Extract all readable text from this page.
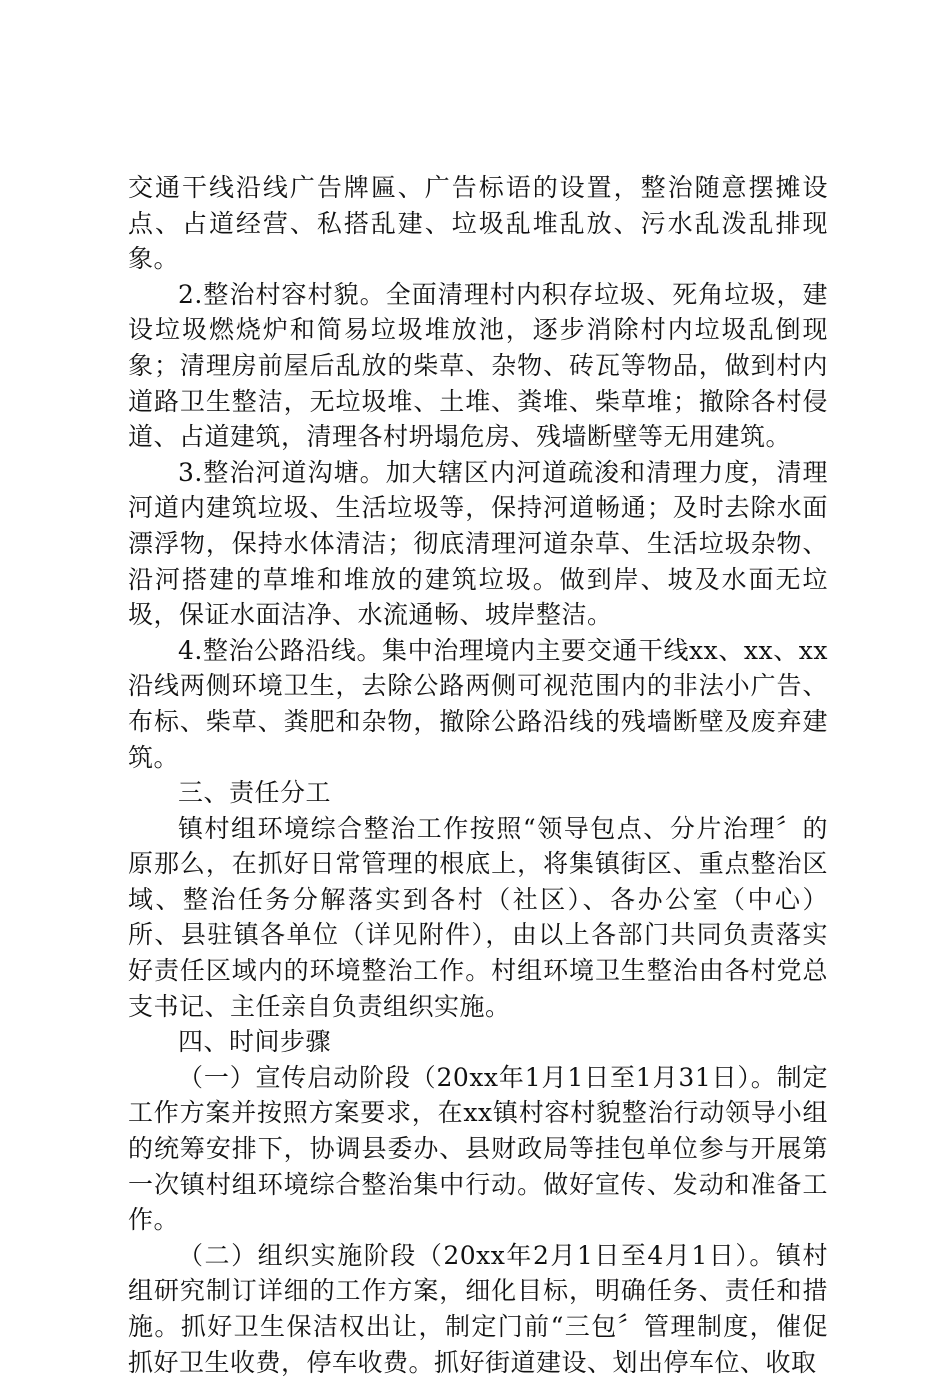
交通干线沿线广告牌匾、广告标语的设置，整治随意摆摊设点、占道经营、私搭乱建、垃圾乱堆乱放、污水乱泼乱排现象。

2.整治村容村貌。全面清理村内积存垃圾、死角垃圾，建设垃圾燃烧炉和简易垃圾堆放池，逐步消除村内垃圾乱倒现象；清理房前屋后乱放的柴草、杂物、砖瓦等物品，做到村内道路卫生整洁，无垃圾堆、土堆、粪堆、柴草堆；撤除各村侵道、占道建筑，清理各村坍塌危房、残墙断壁等无用建筑。

3.整治河道沟塘。加大辖区内河道疏浚和清理力度，清理河道内建筑垃圾、生活垃圾等，保持河道畅通；及时去除水面漂浮物，保持水体清洁；彻底清理河道杂草、生活垃圾杂物、沿河搭建的草堆和堆放的建筑垃圾。做到岸、坡及水面无垃圾，保证水面洁净、水流通畅、坡岸整洁。

4.整治公路沿线。集中治理境内主要交通干线xx、xx、xx沿线两侧环境卫生，去除公路两侧可视范围内的非法小广告、布标、柴草、粪肥和杂物，撤除公路沿线的残墙断壁及废弃建筑。

三、责任分工

镇村组环境综合整治工作按照“领导包点、分片治理〞的原那么，在抓好日常管理的根底上，将集镇街区、重点整治区域、整治任务分解落实到各村（社区）、各办公室（中心）所、县驻镇各单位（详见附件），由以上各部门共同负责落实好责任区域内的环境整治工作。村组环境卫生整治由各村党总支书记、主任亲自负责组织实施。

四、时间步骤

（一）宣传启动阶段（20xx年1月1日至1月31日）。制定工作方案并按照方案要求，在xx镇村容村貌整治行动领导小组的统筹安排下，协调县委办、县财政局等挂包单位参与开展第一次镇村组环境综合整治集中行动。做好宣传、发动和准备工作。

（二）组织实施阶段（20xx年2月1日至4月1日）。镇村组研究制订详细的工作方案，细化目标，明确任务、责任和措施。抓好卫生保洁权出让，制定门前“三包〞管理制度，催促抓好卫生收费，停车收费。抓好街道建设、划出停车位、收取
